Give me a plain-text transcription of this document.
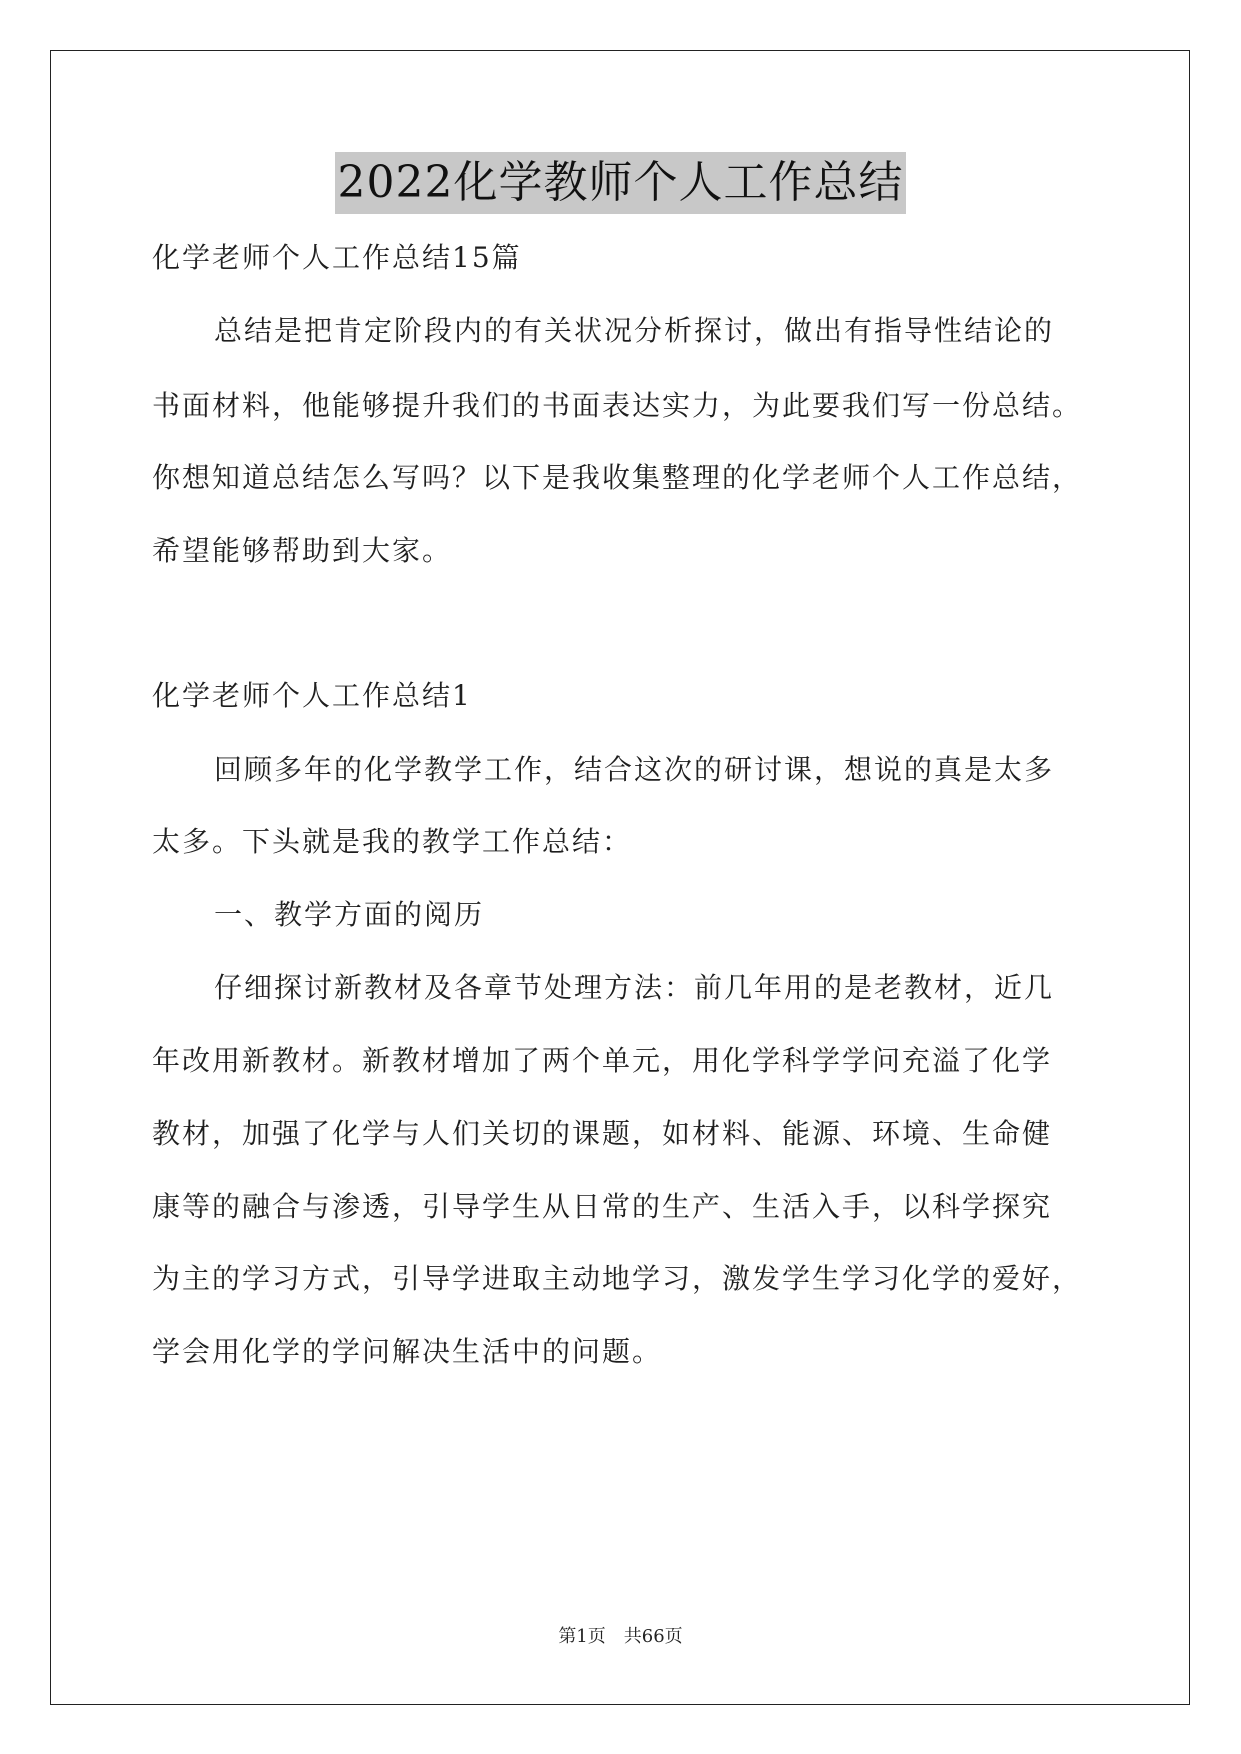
2022化学教师个人工作总结
化学老师个人工作总结15篇
总结是把肯定阶段内的有关状况分析探讨，做出有指导性结论的
书面材料，他能够提升我们的书面表达实力，为此要我们写一份总结。
你想知道总结怎么写吗？以下是我收集整理的化学老师个人工作总结，
希望能够帮助到大家。
化学老师个人工作总结1
回顾多年的化学教学工作，结合这次的研讨课，想说的真是太多
太多。下头就是我的教学工作总结：
一、教学方面的阅历
仔细探讨新教材及各章节处理方法：前几年用的是老教材，近几
年改用新教材。新教材增加了两个单元，用化学科学学问充溢了化学
教材，加强了化学与人们关切的课题，如材料、能源、环境、生命健
康等的融合与渗透，引导学生从日常的生产、生活入手，以科学探究
为主的学习方式，引导学进取主动地学习，激发学生学习化学的爱好，
学会用化学的学问解决生活中的问题。
第1页 共66页
